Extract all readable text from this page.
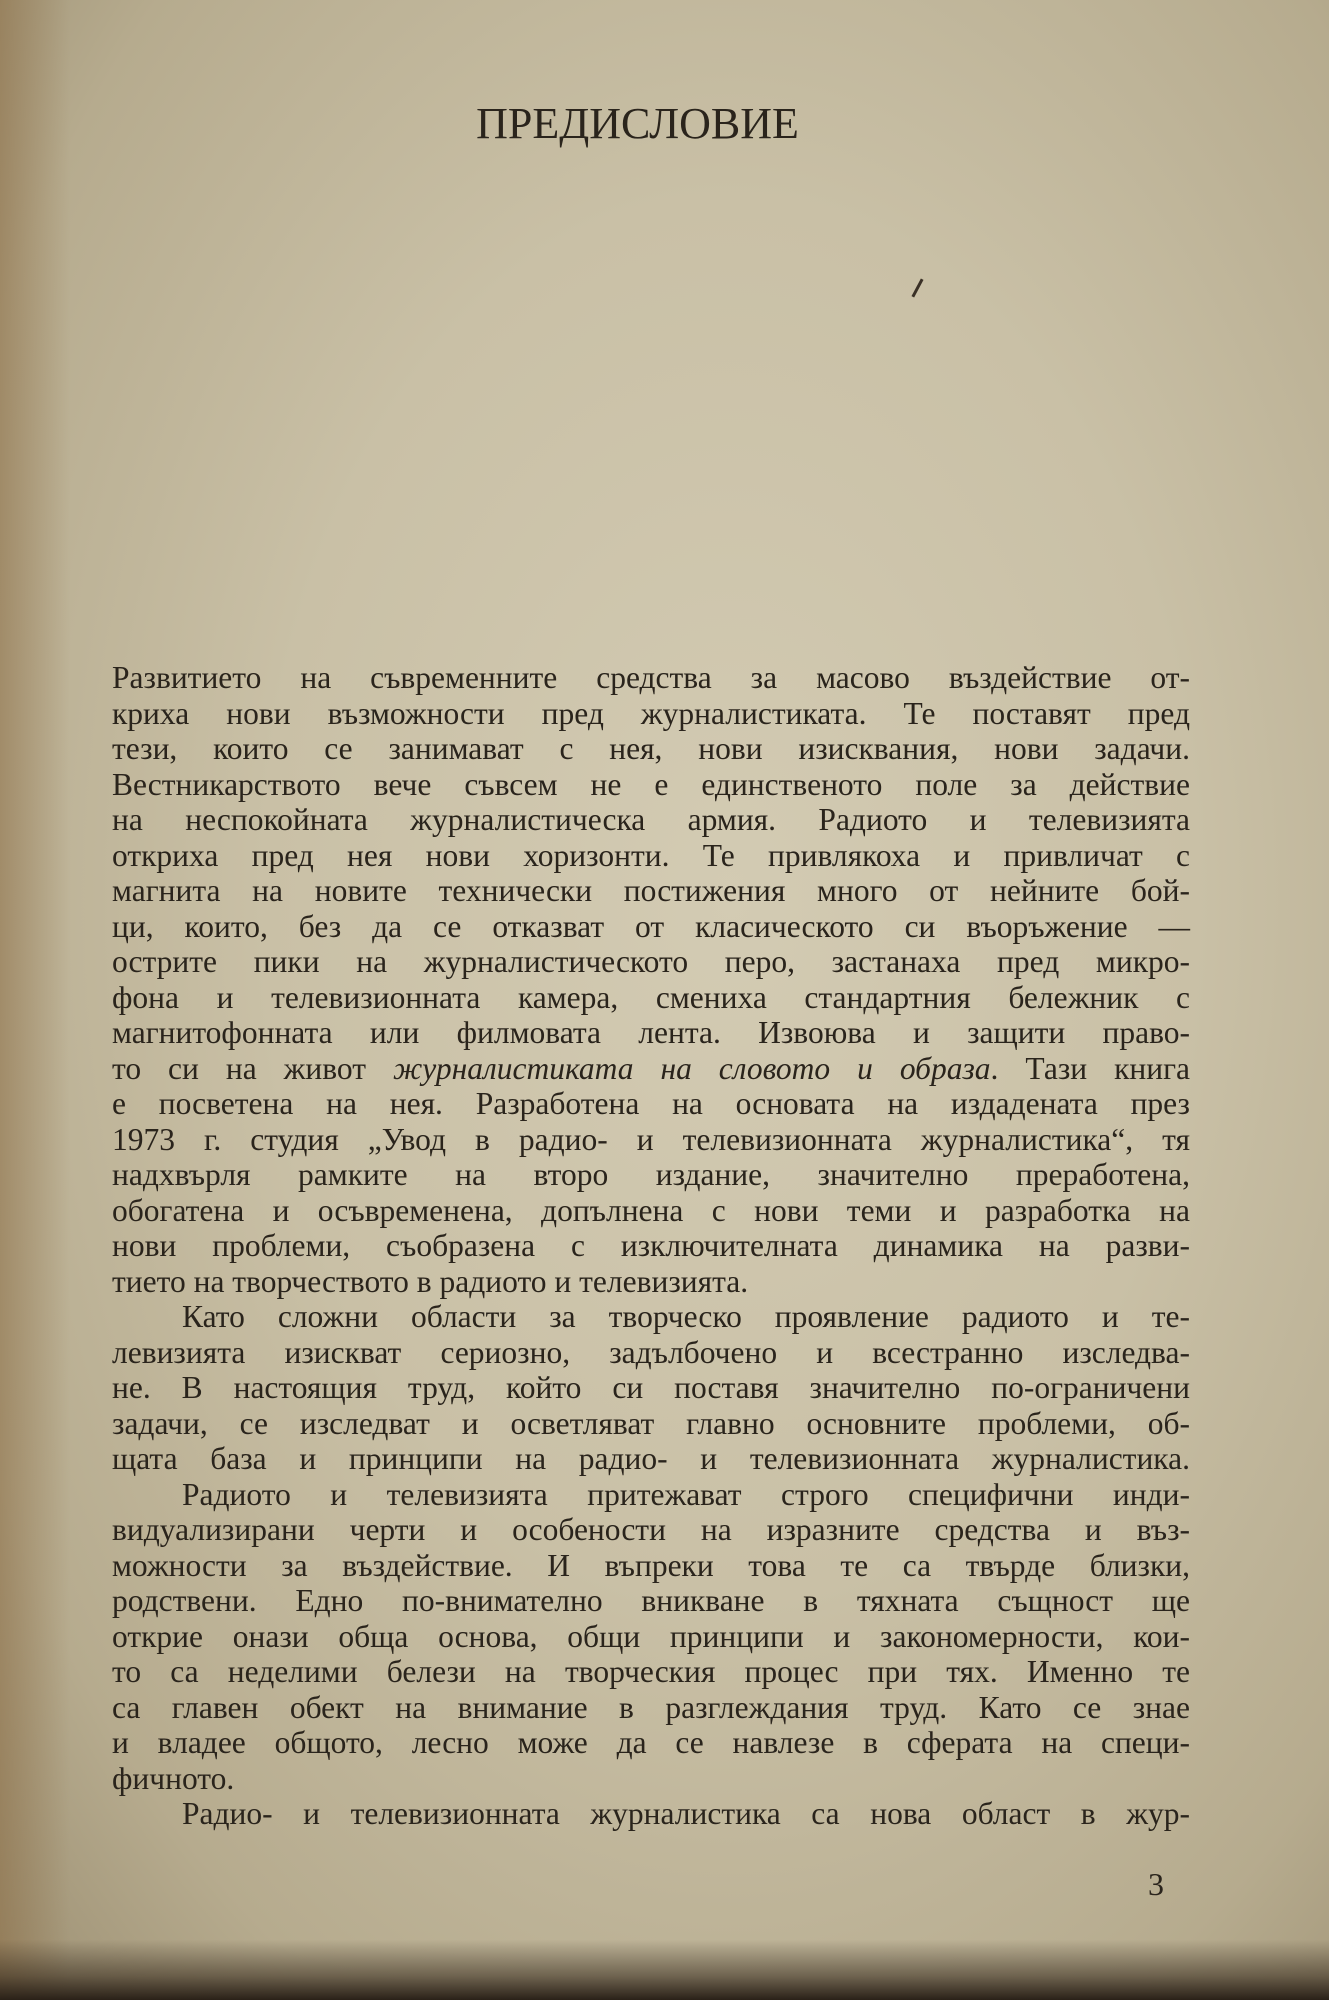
ПРЕДИСЛОВИЕ
Развитието на съвременните средства за масово въздействие от-
криха нови възможности пред журналистиката. Те поставят пред
тези, които се занимават с нея, нови изисквания, нови задачи.
Вестникарството вече съвсем не е единственото поле за действие
на неспокойната журналистическа армия. Радиото и телевизията
откриха пред нея нови хоризонти. Те привлякоха и привличат с
магнита на новите технически постижения много от нейните бой-
ци, които, без да се отказват от класическото си въоръжение —
острите пики на журналистическото перо, застанаха пред микро-
фона и телевизионната камера, смениха стандартния бележник с
магнитофонната или филмовата лента. Извоюва и защити право-
то си на живот журналистиката на словото и образа. Тази книга
е посветена на нея. Разработена на основата на издадената през
1973 г. студия „Увод в радио- и телевизионната журналистика“, тя
надхвърля рамките на второ издание, значително преработена,
обогатена и осъвременена, допълнена с нови теми и разработка на
нови проблеми, съобразена с изключителната динамика на разви-
тието на творчеството в радиото и телевизията.
Като сложни области за творческо проявление радиото и те-
левизията изискват сериозно, задълбочено и всестранно изследва-
не. В настоящия труд, който си поставя значително по-ограничени
задачи, се изследват и осветляват главно основните проблеми, об-
щата база и принципи на радио- и телевизионната журналистика.
Радиото и телевизията притежават строго специфични инди-
видуализирани черти и особености на изразните средства и въз-
можности за въздействие. И въпреки това те са твърде близки,
родствени. Едно по-внимателно вникване в тяхната същност ще
открие онази обща основа, общи принципи и закономерности, кои-
то са неделими белези на творческия процес при тях. Именно те
са главен обект на внимание в разглеждания труд. Като се знае
и владее общото, лесно може да се навлезе в сферата на специ-
фичното.
Радио- и телевизионната журналистика са нова област в жур-
3
